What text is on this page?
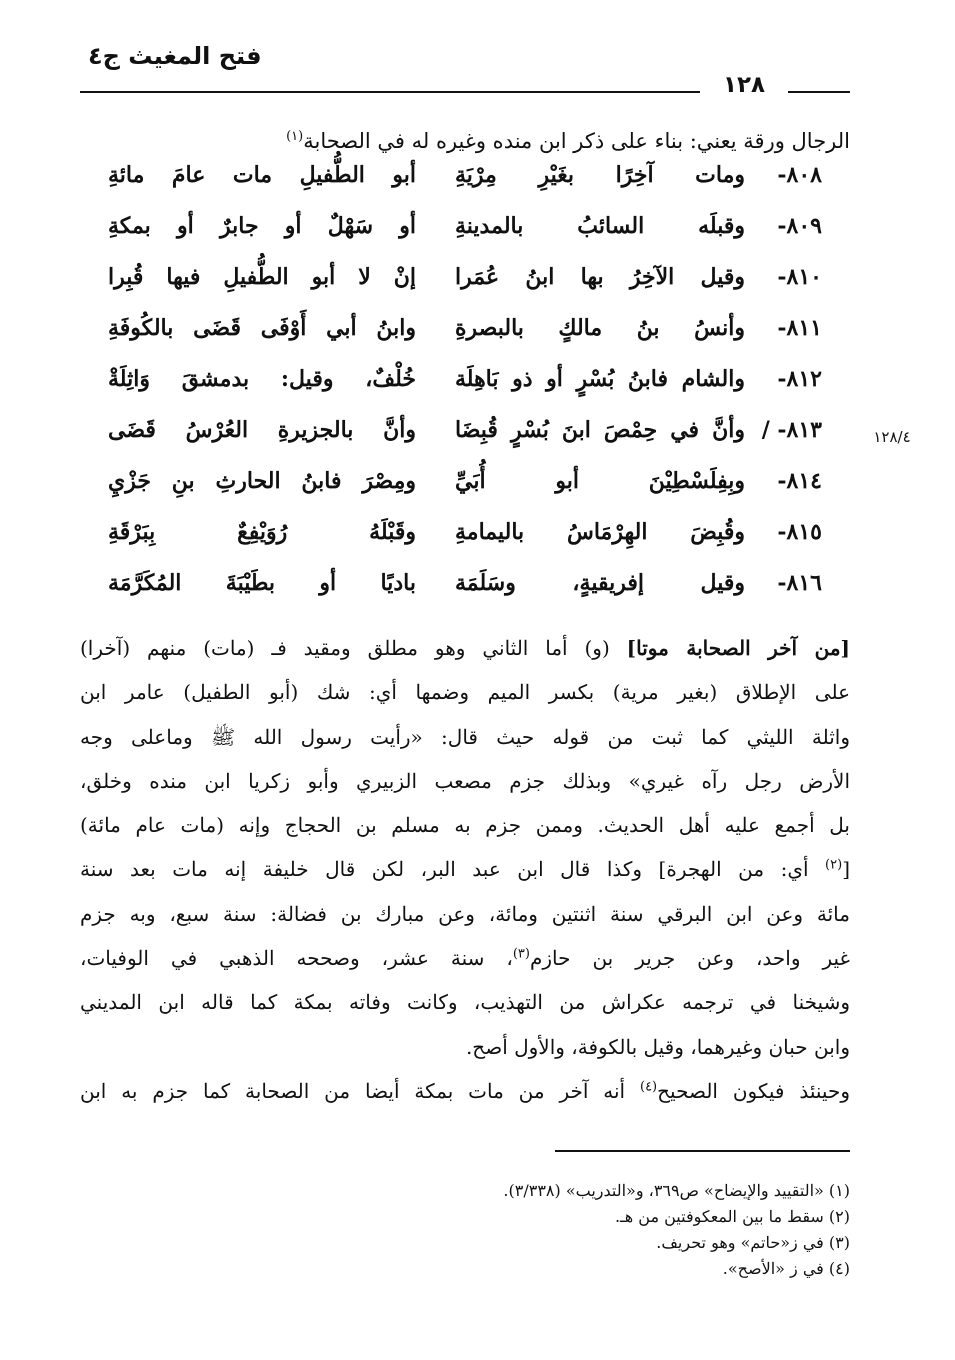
فتح المغيث ج٤
١٢٨
الرجال ورقة يعني: بناء على ذكر ابن منده وغيره له في الصحابة$^{(١)}$
١٢٨/٤
٨٠٨-
ومات آخِرًا بغَيْرِ مِرْيَةِ
أبو الطُّفيلِ مات عامَ مائةِ
٨٠٩-
وقبلَه السائبُ بالمدينةِ
أو سَهْلٌ أو جابرٌ أو بمكةِ
٨١٠-
وقيل الآخِرُ بها ابنُ عُمَرا
إنْ لا أبو الطُّفيلِ فيها قُبِرا
٨١١-
وأنسُ بنُ مالكٍ بالبصرةِ
وابنُ أبي أَوْفَى قَضَى بالكُوفَةِ
٨١٢-
والشام فابنُ بُسْرٍ أو ذو بَاهِلَة
خُلْفٌ، وقيل: بدمشقَ وَاثِلَةْ
٨١٣- /
وأنَّ في حِمْصَ ابنَ بُسْرٍ قُبِضَا
وأنَّ بالجزيرةِ العُرْسُ قَضَى
٨١٤-
وبِفِلَسْطِيْنَ أبو أُبَيِّ
ومِصْرَ فابنُ الحارثِ بنِ جَزْيِ
٨١٥-
وقُبِضَ الهِرْمَاسُ باليمامةِ
وقَبْلَهُ رُوَيْفِعٌ بِبَرْقَةِ
٨١٦-
وقيل إفريقيةٍ، وسَلَمَة
باديًا أو بطَيْبَةَ المُكَرَّمَة
[من آخر الصحابة موتا] (و) أما الثاني وهو مطلق ومقيد فـ (مات) منهم (آخرا)
على الإطلاق (بغير مرية) بكسر الميم وضمها أي: شك (أبو الطفيل) عامر ابن
واثلة الليثي كما ثبت من قوله حيث قال: «رأيت رسول الله ﷺ وماعلى وجه
الأرض رجل رآه غيري» وبذلك جزم مصعب الزبيري وأبو زكريا ابن منده وخلق،
بل أجمع عليه أهل الحديث. وممن جزم به مسلم بن الحجاج وإنه (مات عام مائة)
[$^{(٢)}$ أي: من الهجرة] وكذا قال ابن عبد البر، لكن قال خليفة إنه مات بعد سنة
مائة وعن ابن البرقي سنة اثنتين ومائة، وعن مبارك بن فضالة: سنة سبع، وبه جزم
غير واحد، وعن جرير بن حازم$^{(٣)}$، سنة عشر، وصححه الذهبي في الوفيات،
وشيخنا في ترجمه عكراش من التهذيب، وكانت وفاته بمكة كما قاله ابن المديني
وابن حبان وغيرهما، وقيل بالكوفة، والأول أصح.
وحينئذ فيكون الصحيح$^{(٤)}$ أنه آخر من مات بمكة أيضا من الصحابة كما جزم به ابن
(١) «التقييد والإيضاح» ص٣٦٩، و«التدريب» (٣/٣٣٨).
(٢) سقط ما بين المعكوفتين من هـ.
(٣) في ز«حاتم» وهو تحريف.
(٤) في ز «الأصح».
